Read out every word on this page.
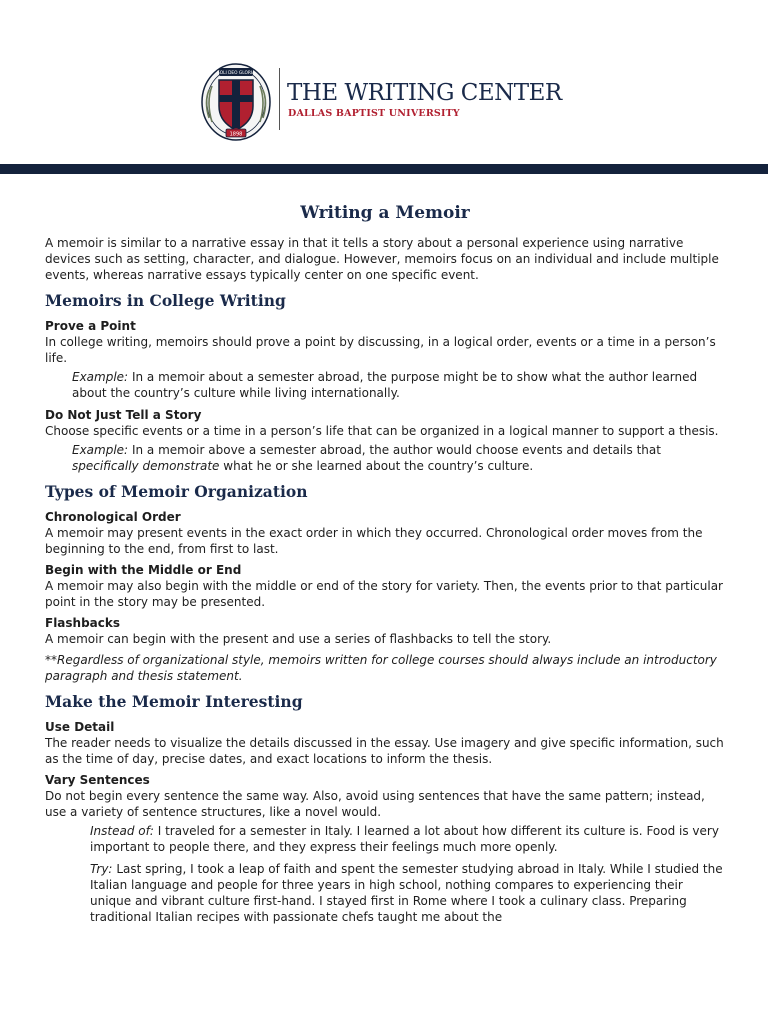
SOLI DEO GLORIA
1898
THE WRITING CENTER
DALLAS BAPTIST UNIVERSITY
Writing a Memoir

A memoir is similar to a narrative essay in that it tells a story about a personal experience using narrative devices such as setting, character, and dialogue. However, memoirs focus on an individual and include multiple events, whereas narrative essays typically center on one specific event.

Memoirs in College Writing
Prove a Point

In college writing, memoirs should prove a point by discussing, in a logical order, events or a time in a person’s life.

Example: In a memoir about a semester abroad, the purpose might be to show what the author learned about the country’s culture while living internationally.

Do Not Just Tell a Story

Choose specific events or a time in a person’s life that can be organized in a logical manner to support a thesis.

Example: In a memoir above a semester abroad, the author would choose events and details that specifically demonstrate what he or she learned about the country’s culture.

Types of Memoir Organization
Chronological Order

A memoir may present events in the exact order in which they occurred. Chronological order moves from the beginning to the end, from first to last.

Begin with the Middle or End

A memoir may also begin with the middle or end of the story for variety. Then, the events prior to that particular point in the story may be presented.

Flashbacks

A memoir can begin with the present and use a series of flashbacks to tell the story.

**Regardless of organizational style, memoirs written for college courses should always include an introductory paragraph and thesis statement.

Make the Memoir Interesting
Use Detail

The reader needs to visualize the details discussed in the essay. Use imagery and give specific information, such as the time of day, precise dates, and exact locations to inform the thesis.

Vary Sentences

Do not begin every sentence the same way. Also, avoid using sentences that have the same pattern; instead, use a variety of sentence structures, like a novel would.

Instead of: I traveled for a semester in Italy. I learned a lot about how different its culture is. Food is very important to people there, and they express their feelings much more openly.

Try: Last spring, I took a leap of faith and spent the semester studying abroad in Italy. While I studied the Italian language and people for three years in high school, nothing compares to experiencing their unique and vibrant culture first-hand. I stayed first in Rome where I took a culinary class. Preparing traditional Italian recipes with passionate chefs taught me about the
